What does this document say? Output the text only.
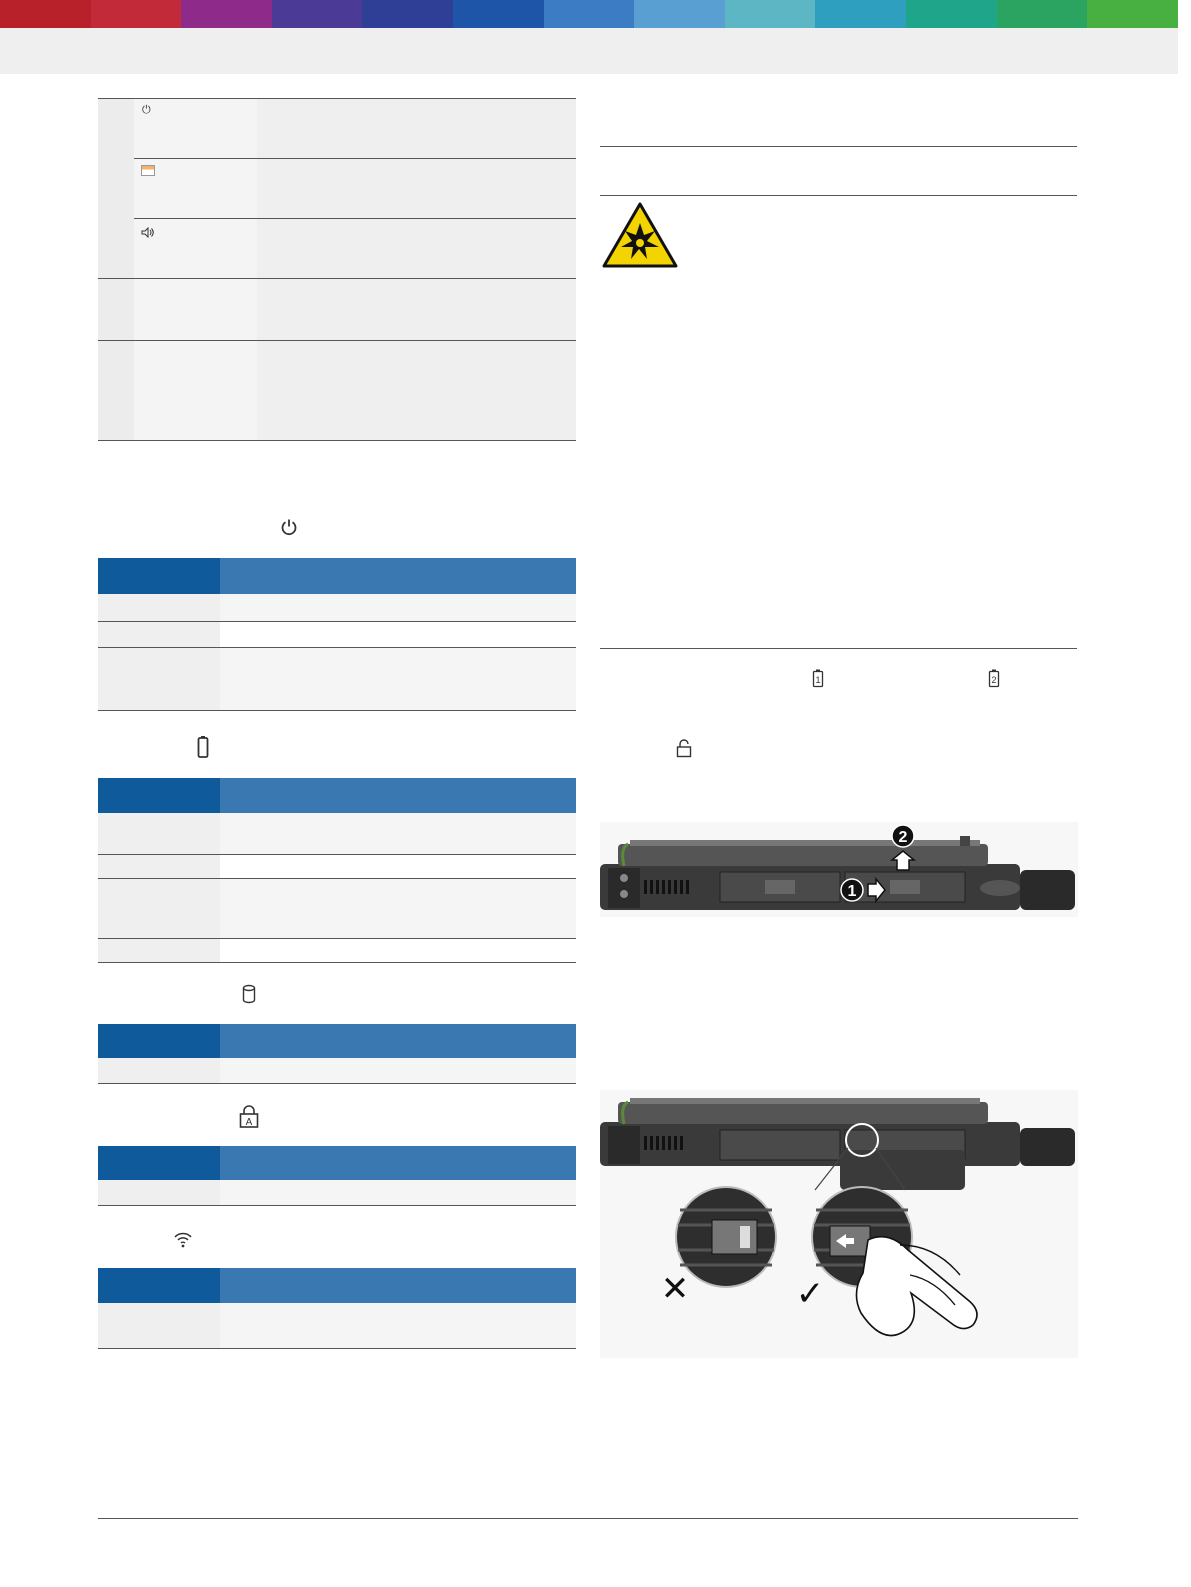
⏻
A
1	2
1
2
✕	✓
